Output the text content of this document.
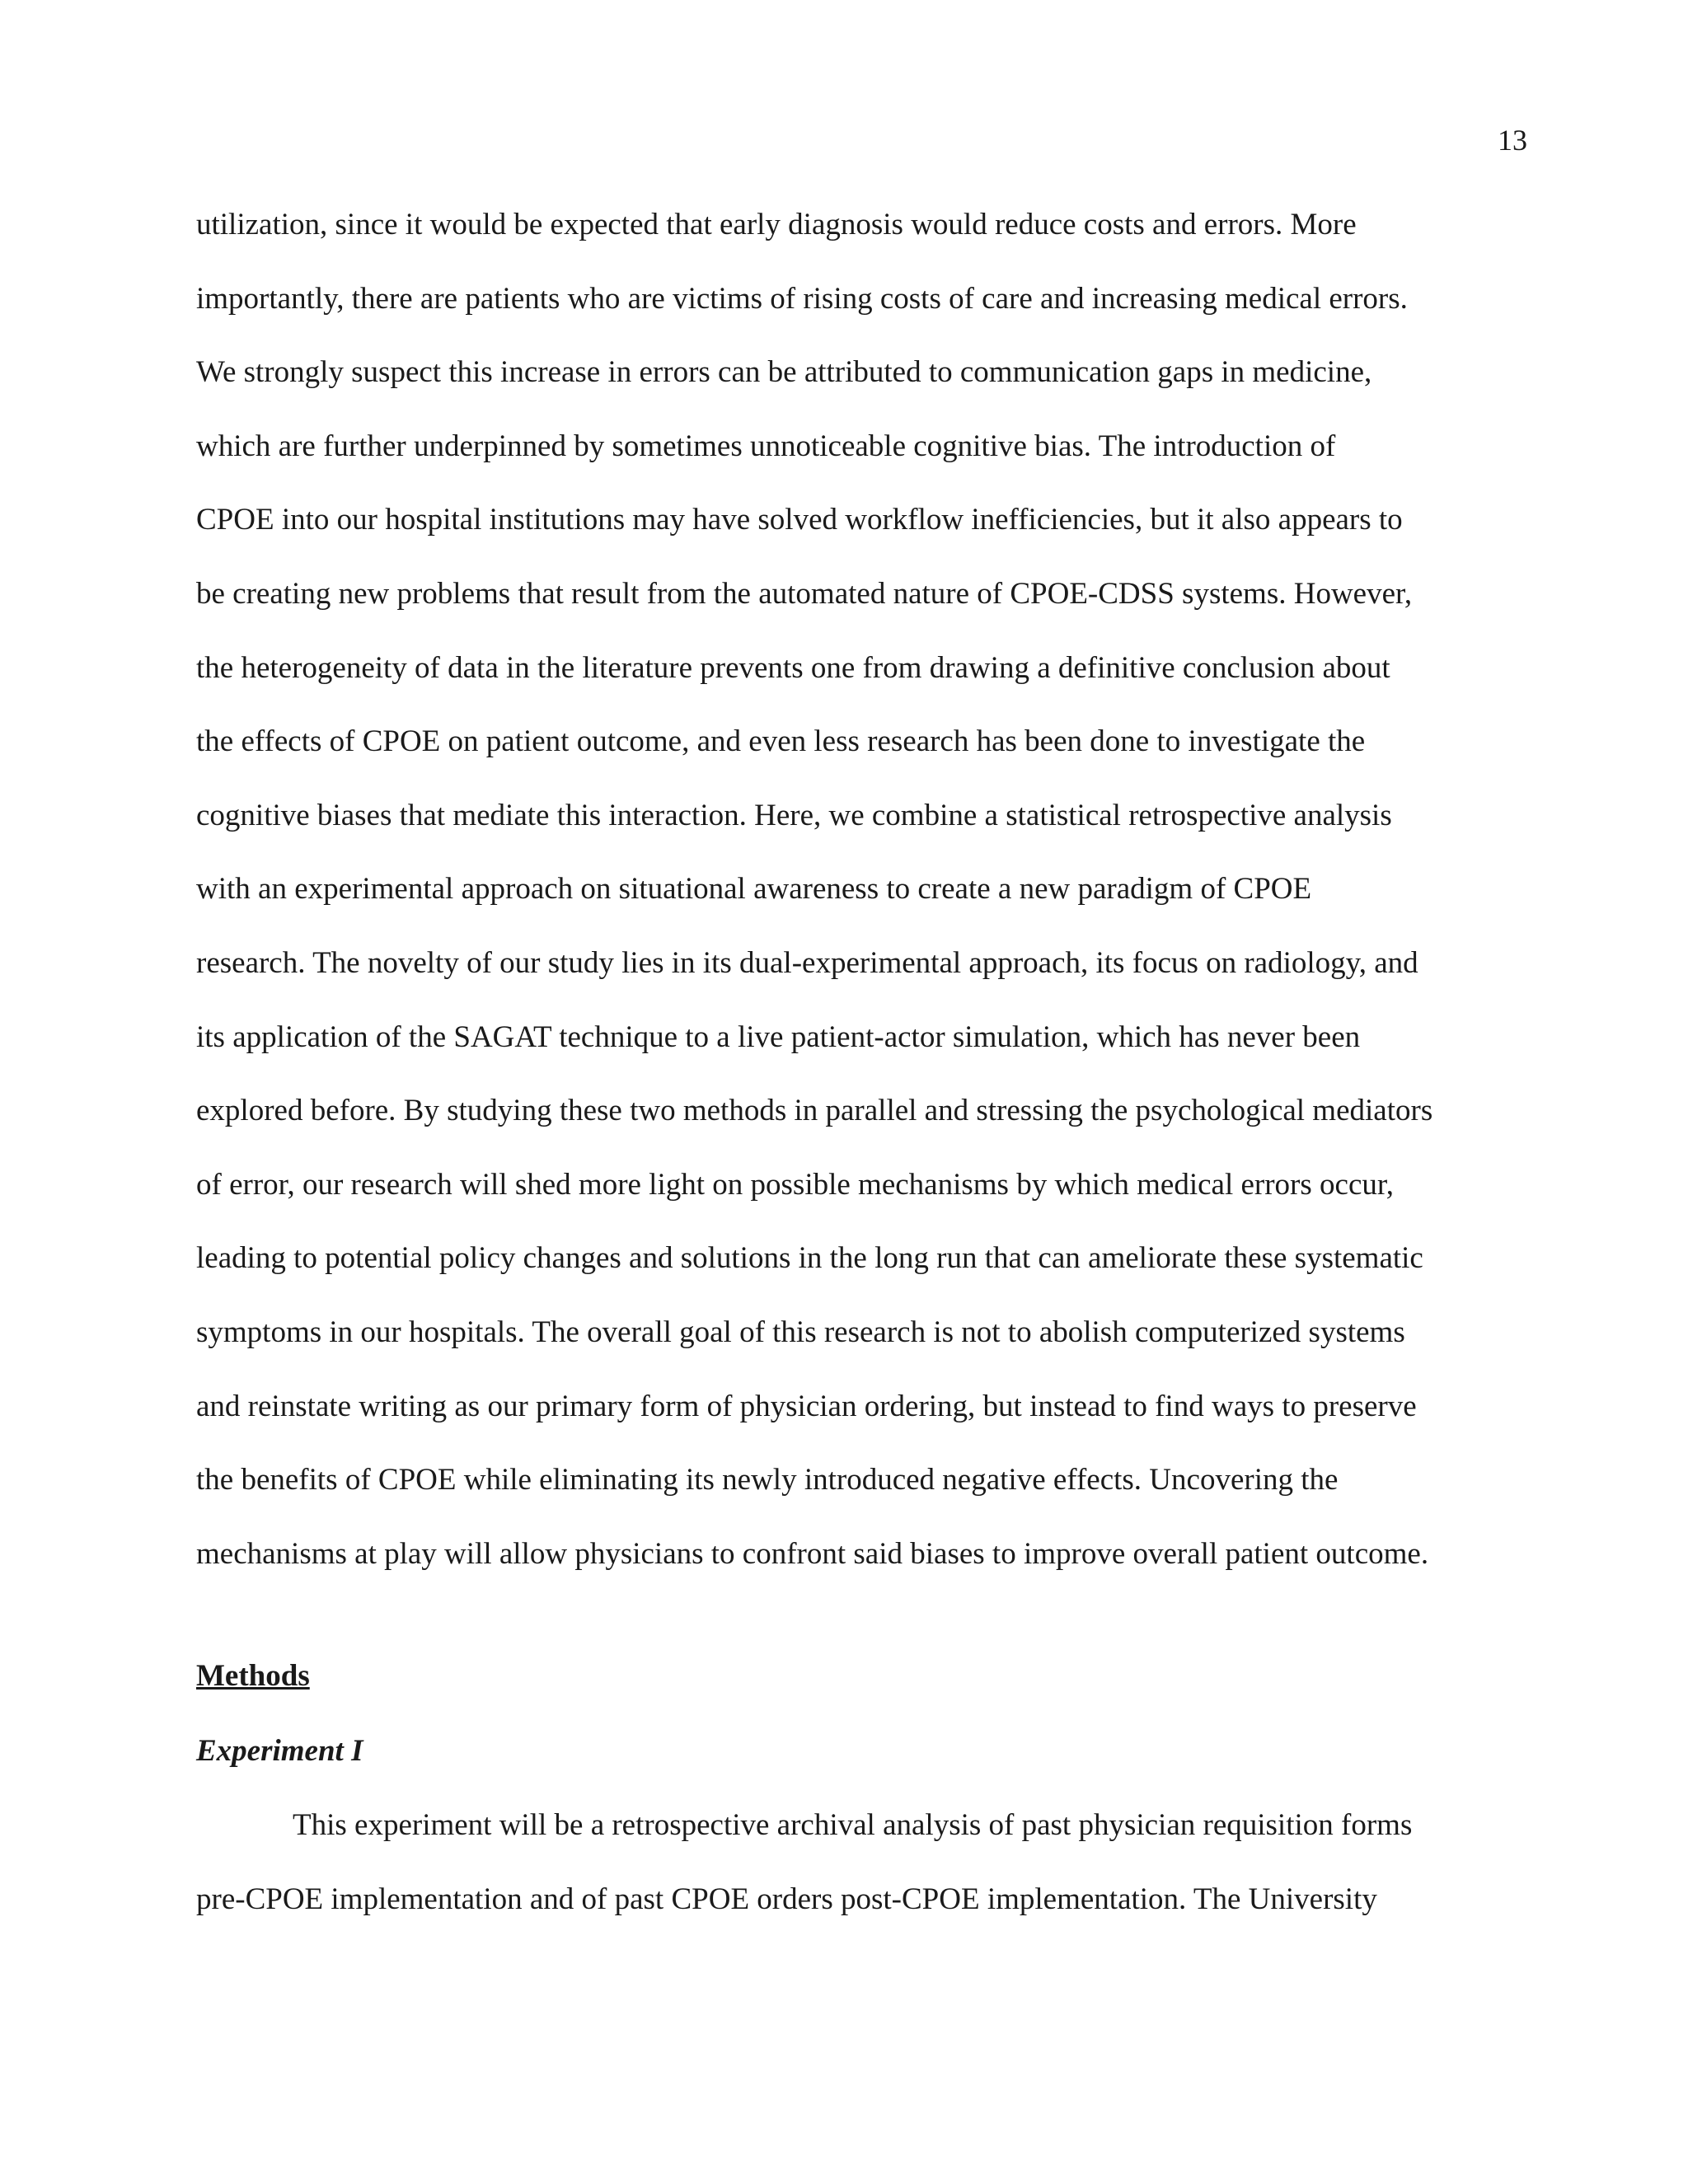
13
utilization, since it would be expected that early diagnosis would reduce costs and errors. More
importantly, there are patients who are victims of rising costs of care and increasing medical errors.
We strongly suspect this increase in errors can be attributed to communication gaps in medicine,
which are further underpinned by sometimes unnoticeable cognitive bias. The introduction of
CPOE into our hospital institutions may have solved workflow inefficiencies, but it also appears to
be creating new problems that result from the automated nature of CPOE-CDSS systems. However,
the heterogeneity of data in the literature prevents one from drawing a definitive conclusion about
the effects of CPOE on patient outcome, and even less research has been done to investigate the
cognitive biases that mediate this interaction. Here, we combine a statistical retrospective analysis
with an experimental approach on situational awareness to create a new paradigm of CPOE
research. The novelty of our study lies in its dual-experimental approach, its focus on radiology, and
its application of the SAGAT technique to a live patient-actor simulation, which has never been
explored before. By studying these two methods in parallel and stressing the psychological mediators
of error, our research will shed more light on possible mechanisms by which medical errors occur,
leading to potential policy changes and solutions in the long run that can ameliorate these systematic
symptoms in our hospitals. The overall goal of this research is not to abolish computerized systems
and reinstate writing as our primary form of physician ordering, but instead to find ways to preserve
the benefits of CPOE while eliminating its newly introduced negative effects. Uncovering the
mechanisms at play will allow physicians to confront said biases to improve overall patient outcome.
Methods
Experiment I
This experiment will be a retrospective archival analysis of past physician requisition forms
pre-CPOE implementation and of past CPOE orders post-CPOE implementation. The University
